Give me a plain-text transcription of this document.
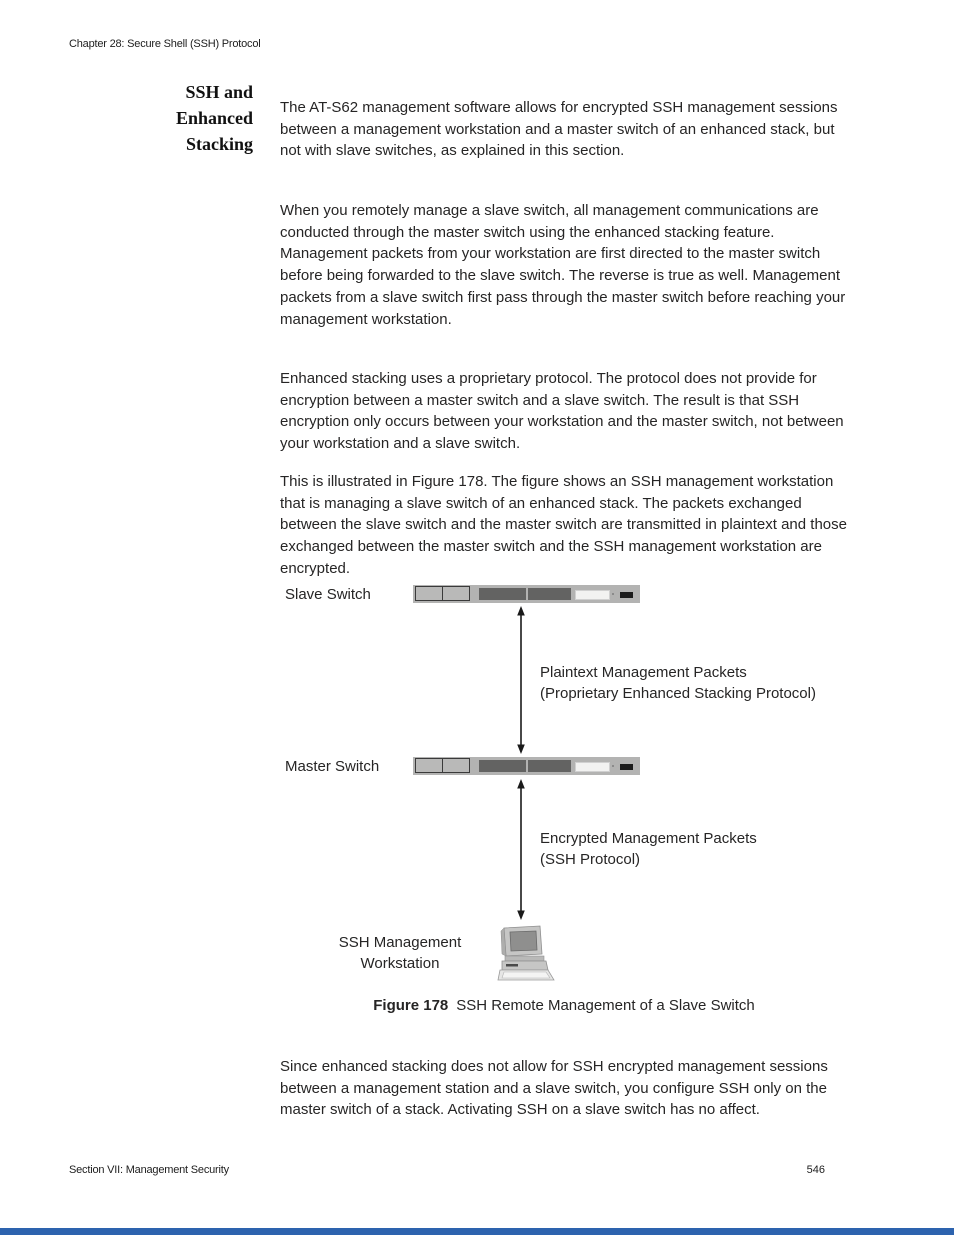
Chapter 28: Secure Shell (SSH) Protocol
SSH and
Enhanced
Stacking

The AT-S62 management software allows for encrypted SSH management sessions between a management workstation and a master switch of an enhanced stack, but not with slave switches, as explained in this section.

When you remotely manage a slave switch, all management communications are conducted through the master switch using the enhanced stacking feature. Management packets from your workstation are first directed to the master switch before being forwarded to the slave switch. The reverse is true as well. Management packets from a slave switch first pass through the master switch before reaching your management workstation.

Enhanced stacking uses a proprietary protocol. The protocol does not provide for encryption between a master switch and a slave switch. The result is that SSH encryption only occurs between your workstation and the master switch, not between your workstation and a slave switch.

This is illustrated in Figure 178. The figure shows an SSH management workstation that is managing a slave switch of an enhanced stack. The packets exchanged between the slave switch and the master switch are transmitted in plaintext and those exchanged between the master switch and the SSH management workstation are encrypted.

Slave Switch
Plaintext Management Packets
(Proprietary Enhanced Stacking Protocol)
Master Switch
Encrypted Management Packets
(SSH Protocol)
SSH Management
Workstation
Figure 178 SSH Remote Management of a Slave Switch

Since enhanced stacking does not allow for SSH encrypted management sessions between a management station and a slave switch, you configure SSH only on the master switch of a stack. Activating SSH on a slave switch has no affect.

Section VII: Management Security	546
